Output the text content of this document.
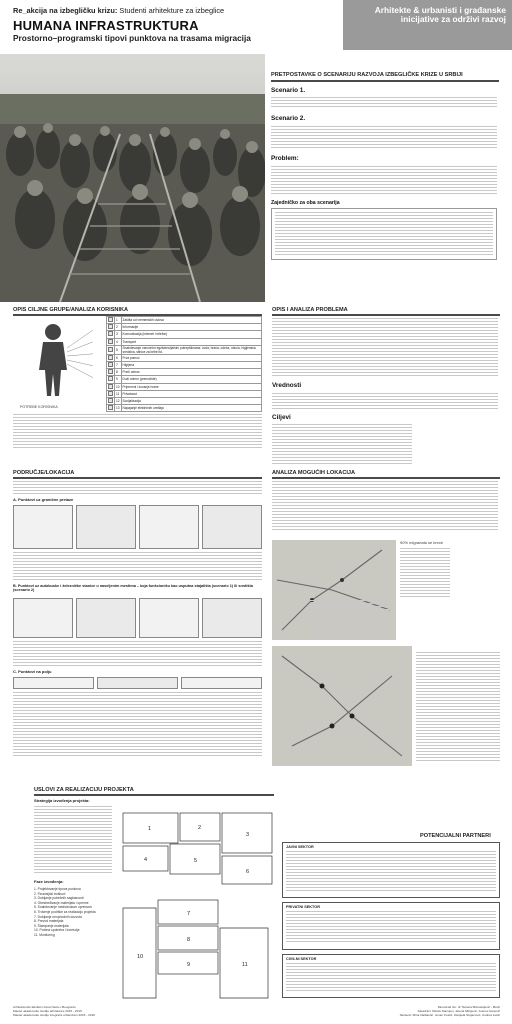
Re_akcija na izbegličku krizu: Studenti arhitekture za izbeglice
HUMANA INFRASTRUKTURA
Prostorno–programski tipovi punktova na trasama migracija
Arhitekte & urbanisti i građanske inicijative za održivi razvoj
PRETPOSTAVKE O SCENARIJU RAZVOJA IZBEGLIČKE KRIZE U SRBIJI
Scenario 1.
Scenario 2.
Problem:
Zajedničko za oba scenarija
OPIS CILJNE GRUPE/ANALIZA KORISNIKA
POTREBE KORISNIKA
	1	Zaštita od vremenskih uslova
	2	Informacije
	3	Komunikacija (internet i telefon)
	4	Transport
	5	Snabdevanje osnovnim egzistencijalnim potrepštinama: voda, hrana, odeća, obuća, higijenska sredstva, sitnice za bebe itd.
	6	Prva pomoć
	7	Higijena
	8	Preči odmor
	9	Duži odmor (prenoćište)
	10	Pripremni i čuvanje hrane
	11	Privatnost
	12	Socijalizacija
	13	Napajanje električnih uređaja
OPIS I ANALIZA PROBLEMA
Vrednosti
Ciljevi
PODRUČJE/LOKACIJA
A. Punktovi uz granične prelaze
B. Punktovi uz autobuske i železničke stanice u naseljenim mestima – koja funkcionišu kao usputna stajališta (scenario 1) ili središta (scenario 2)
C. Punktovi na polju
ANALIZA MOGUĆIH LOKACIJA
90% migranata se kreće
USLOVI ZA REALIZACIJU PROJEKTA
Strategija izvođenja projekta:
Faze izvođenja:
1. Projektovanje tipova punkova
2. Finansijski troškovi
3. Dobijanje potrebnih saglasnosti
4. Obezbeđivanje materijala i opreme
5. Snabdevanje medicinskom opremom
6. Trošenje podrške za realizaciju projekta
7. Dobijanje neophodnih dozvola
8. Prevod materijala
9. Štampanje materijala
10. Probna upotreba i korekcije
11. Monitoring
1	2
3
4	5
6
7
8
9
10
11
POTENCIJALNI PARTNERI
JAVNI SEKTOR
PRIVATNI SEKTOR
CIVILNI SEKTOR
Arhitektonski fakultet Univerziteta u Beogradu
Master akademske studije arhitekture 2015 - 2016
Master akademske studije integralni urbanizam 2015 - 2016
Mentorski tim: dr Tamara Milosavljević - Mulić
Saradnici: Nikola Stanojev, Jelena Milojević, Jelena Ivanović
Studenti: Mina Nalbantić, Jovan Kostić, Danijela Stojanović, Andrea Lukić
